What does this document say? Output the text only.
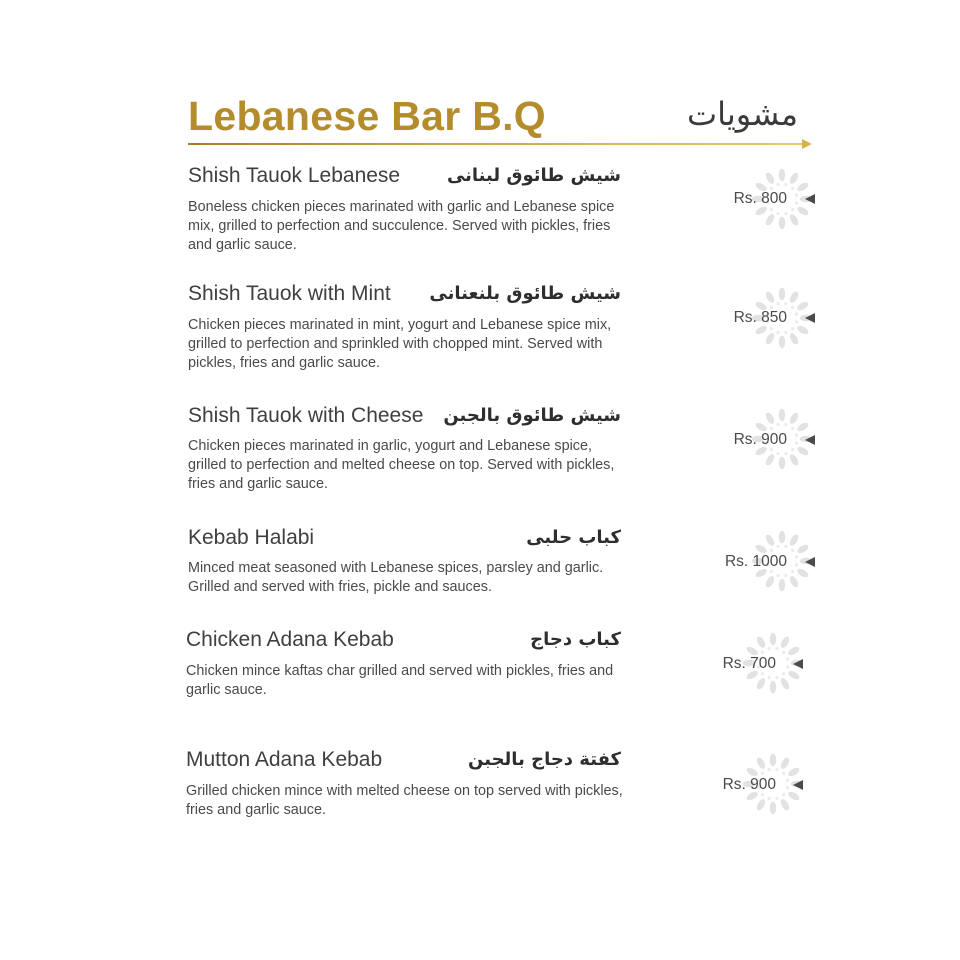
Lebanese Bar B.Q	مشويات
Shish Tauok Lebanese	شيش طائوق لبنانى
Boneless chicken pieces marinated with garlic and Lebanese spice mix, grilled to perfection and succulence. Served with pickles, fries and garlic sauce.
Rs. 800
Shish Tauok with Mint شيش طائوق بلنعنانى
Chicken pieces marinated in mint, yogurt and Lebanese spice mix, grilled to perfection and sprinkled with chopped mint. Served with pickles, fries and garlic sauce.
Rs. 850
Shish Tauok with Cheese شيش طائوق بالجبن
Chicken pieces marinated in garlic, yogurt and Lebanese spice, grilled to perfection and melted cheese on top. Served with pickles, fries and garlic sauce.
Rs. 900
Kebab Halabi	كباب حلبى
Minced meat seasoned with Lebanese spices, parsley and garlic. Grilled and served with fries, pickle and sauces.
Rs. 1000
Chicken Adana Kebab	كباب دجاج
Chicken mince kaftas char grilled and served with pickles, fries and garlic sauce.
Rs. 700
Mutton Adana Kebab	كفتة دجاج بالجبن
Grilled chicken mince with melted cheese on top served with pickles, fries and garlic sauce.
Rs. 900
